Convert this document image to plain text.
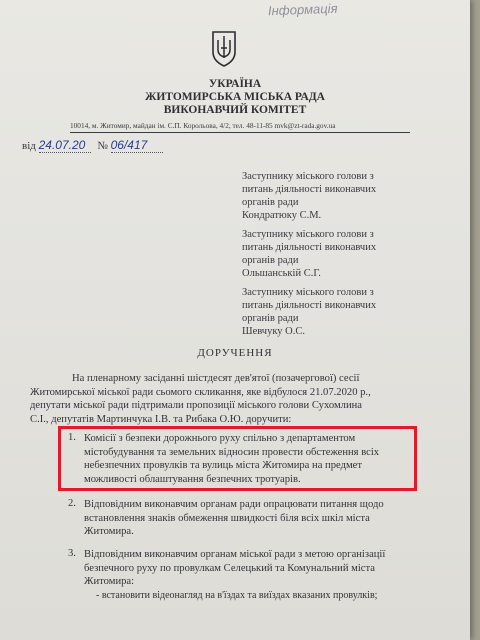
Інформація
УКРАЇНА
ЖИТОМИРСЬКА МІСЬКА РАДА
ВИКОНАВЧИЙ КОМІТЕТ
10014, м. Житомир, майдан ім. С.П. Корольова, 4/2, тел. 48-11-85 mvk@zt-rada.gov.ua
від 24.07.20 № 06/417
Заступнику міського голови з
питань діяльності виконавчих
органів ради
Кондратюку С.М.
Заступнику міського голови з
питань діяльності виконавчих
органів ради
Ольшанській С.Г.
Заступнику міського голови з
питань діяльності виконавчих
органів ради
Шевчуку О.С.
ДОРУЧЕННЯ
На пленарному засіданні шістдесят дев'ятої (позачергової) сесії
Житомирської міської ради сьомого скликання, яке відбулося 21.07.2020 р.,
депутати міської ради підтримали пропозиції міського голови Сухомлина
С.І., депутатів Мартинчука І.В. та Рибака О.Ю. доручити:
1. Комісії з безпеки дорожнього руху спільно з департаментом
містобудування та земельних відносин провести обстеження всіх
небезпечних провулків та вулиць міста Житомира на предмет
можливості облаштування безпечних тротуарів.
2. Відповідним виконавчим органам ради опрацювати питання щодо
встановлення знаків обмеження швидкості біля всіх шкіл міста
Житомира.
3. Відповідним виконавчим органам міської ради з метою організації
безпечного руху по провулкам Селецький та Комунальний міста
Житомира:
- встановити відеонагляд на в'їздах та виїздах вказаних провулків;
